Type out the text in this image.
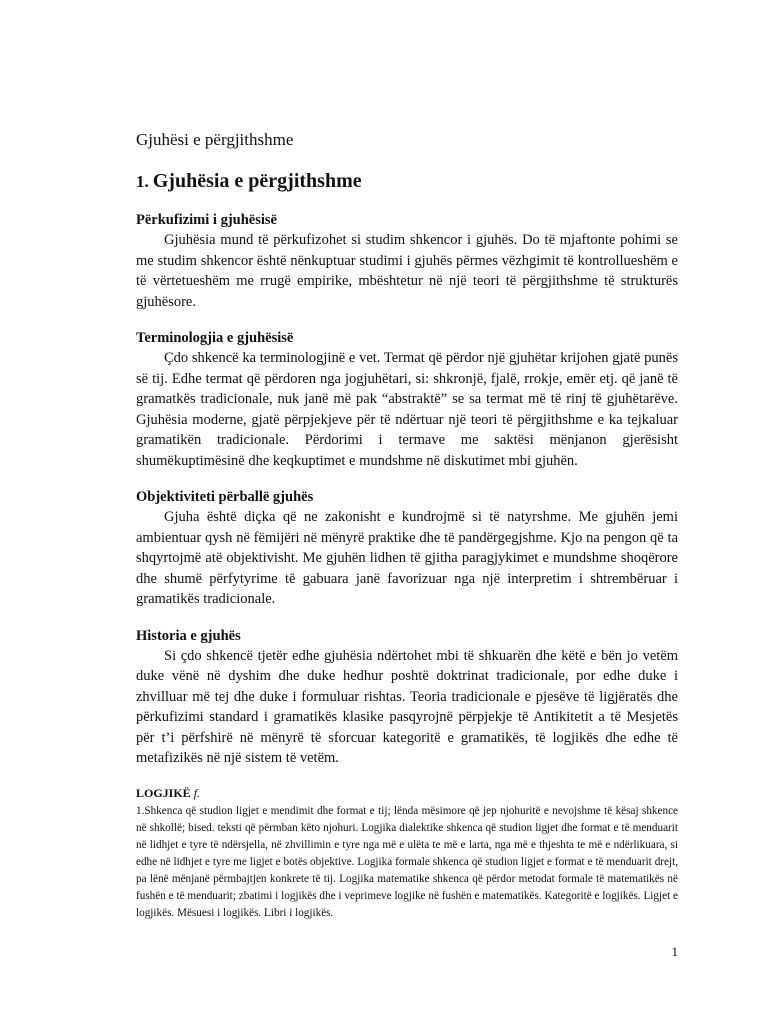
Gjuhësi e përgjithshme
1. Gjuhësia e përgjithshme

Përkufizimi i gjuhësisë

Gjuhësia mund të përkufizohet si studim shkencor i gjuhës. Do të mjaftonte pohimi se me studim shkencor është nënkuptuar studimi i gjuhës përmes vëzhgimit të kontrollueshëm e të vërtetueshëm me rrugë empirike, mbështetur në një teori të përgjithshme të strukturës gjuhësore.

Terminologjia e gjuhësisë

Çdo shkencë ka terminologjinë e vet. Termat që përdor një gjuhëtar krijohen gjatë punës së tij. Edhe termat që përdoren nga jogjuhëtari, si: shkronjë, fjalë, rrokje, emër etj. që janë të gramatkës tradicionale, nuk janë më pak “abstraktë” se sa termat më të rinj të gjuhëtarëve. Gjuhësia moderne, gjatë përpjekjeve për të ndërtuar një teori të përgjithshme e ka tejkaluar gramatikën tradicionale. Përdorimi i termave me saktësi mënjanon gjerësisht shumëkuptimësinë dhe keqkuptimet e mundshme në diskutimet mbi gjuhën.

Objektiviteti përballë gjuhës

Gjuha është diçka që ne zakonisht e kundrojmë si të natyrshme. Me gjuhën jemi ambientuar qysh në fëmijëri në mënyrë praktike dhe të pandërgegjshme. Kjo na pengon që ta shqyrtojmë atë objektivisht. Me gjuhën lidhen të gjitha paragjykimet e mundshme shoqërore dhe shumë përfytyrime të gabuara janë favorizuar nga një interpretim i shtrembëruar i gramatikës tradicionale.

Historia e gjuhës

Si çdo shkencë tjetër edhe gjuhësia ndërtohet mbi të shkuarën dhe këtë e bën jo vetëm duke vënë në dyshim dhe duke hedhur poshtë doktrinat tradicionale, por edhe duke i zhvilluar më tej dhe duke i formuluar rishtas. Teoria tradicionale e pjesëve të ligjëratës dhe përkufizimi standard i gramatikës klasike pasqyrojnë përpjekje të Antikitetit a të Mesjetës për t’i përfshirë në mënyrë të sforcuar kategoritë e gramatikës, të logjikës dhe edhe të metafizikës në një sistem të vetëm.

LOGJIKË f.

1.Shkenca që studion ligjet e mendimit dhe format e tij; lënda mësimore që jep njohuritë e nevojshme të kësaj shkence në shkollë; bised. teksti që përmban këto njohuri. Logjika dialektike shkenca që studion ligjet dhe format e të menduarit në lidhjet e tyre të ndërsjella, në zhvillimin e tyre nga më e ulëta te më e larta, nga më e thjeshta te më e ndërlikuara, si edhe në lidhjet e tyre me ligjet e botës objektive. Logjika formale shkenca që studion ligjet e format e të menduarit drejt, pa lënë mënjanë përmbajtjen konkrete të tij. Logjika matematike shkenca që përdor metodat formale të matematikës në fushën e të menduarit; zbatimi i logjikës dhe i veprimeve logjike në fushën e matematikës. Kategoritë e logjikës. Ligjet e logjikës. Mësuesi i logjikës. Libri i logjikës.

1
